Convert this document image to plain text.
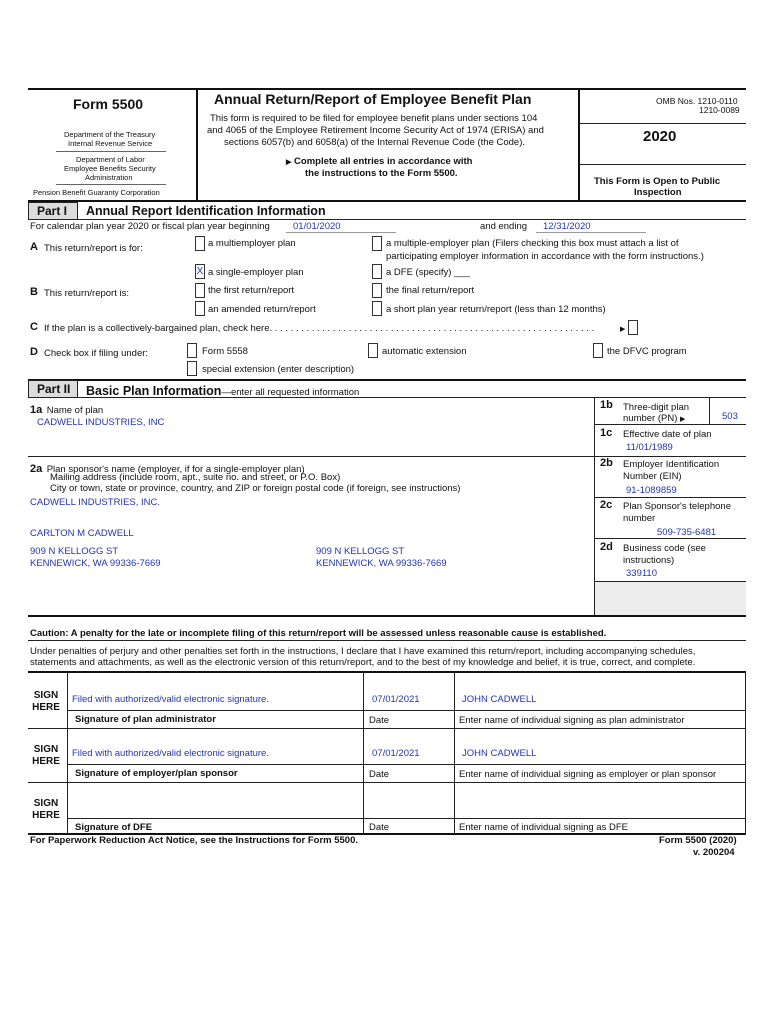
Form 5500
Department of the Treasury
Internal Revenue Service
Department of Labor
Employee Benefits Security
Administration
Pension Benefit Guaranty Corporation
Annual Return/Report of Employee Benefit Plan
This form is required to be filed for employee benefit plans under sections 104
and 4065 of the Employee Retirement Income Security Act of 1974 (ERISA) and
sections 6057(b) and 6058(a) of the Internal Revenue Code (the Code).
▶ Complete all entries in accordance with
the instructions to the Form 5500.
OMB Nos. 1210-0110
1210-0089
2020
This Form is Open to Public
Inspection
Part I	Annual Report Identification Information
For calendar plan year 2020 or fiscal plan year beginning 01/01/2020	and ending 12/31/2020
A This return/report is for:	a multiemployer plan	a multiple-employer plan (Filers checking this box must attach a list of
participating employer information in accordance with the form instructions.)
X a single-employer plan	a DFE (specify) ___
B This return/report is:	the first return/report	the final return/report
an amended return/report	a short plan year return/report (less than 12 months)
C If the plan is a collectively-bargained plan, check here. . . . . . . . . . . . . . . . . . . . . . . . . . . . . . . . . . . . . . . . . . . . . . . . . . . . . . . . . . . . . .	▶
D Check box if filing under:	Form 5558	automatic extension	the DFVC program
special extension (enter description)
Part II	Basic Plan Information—enter all requested information
1a Name of plan
CADWELL INDUSTRIES, INC
1b Three-digit plan
number (PN) ▶	503
1c Effective date of plan
11/01/1989
2a Plan sponsor's name (employer, if for a single-employer plan)
Mailing address (include room, apt., suite no. and street, or P.O. Box)
City or town, state or province, country, and ZIP or foreign postal code (if foreign, see instructions)
CADWELL INDUSTRIES, INC.
CARLTON M CADWELL
909 N KELLOGG ST
KENNEWICK, WA 99336-7669
909 N KELLOGG ST
KENNEWICK, WA 99336-7669
2b Employer Identification
Number (EIN)
91-1089859
2c Plan Sponsor's telephone
number
509-735-6481
2d Business code (see
instructions)
339110
Caution: A penalty for the late or incomplete filing of this return/report will be assessed unless reasonable cause is established.
Under penalties of perjury and other penalties set forth in the instructions, I declare that I have examined this return/report, including accompanying schedules,
statements and attachments, as well as the electronic version of this return/report, and to the best of my knowledge and belief, it is true, correct, and complete.
SIGN
HERE
Filed with authorized/valid electronic signature.	07/01/2021	JOHN CADWELL
Signature of plan administrator	Date	Enter name of individual signing as plan administrator
SIGN
HERE
Filed with authorized/valid electronic signature.	07/01/2021	JOHN CADWELL
Signature of employer/plan sponsor	Date	Enter name of individual signing as employer or plan sponsor
SIGN
HERE
Signature of DFE	Date	Enter name of individual signing as DFE
For Paperwork Reduction Act Notice, see the Instructions for Form 5500.	Form 5500 (2020)
v. 200204
